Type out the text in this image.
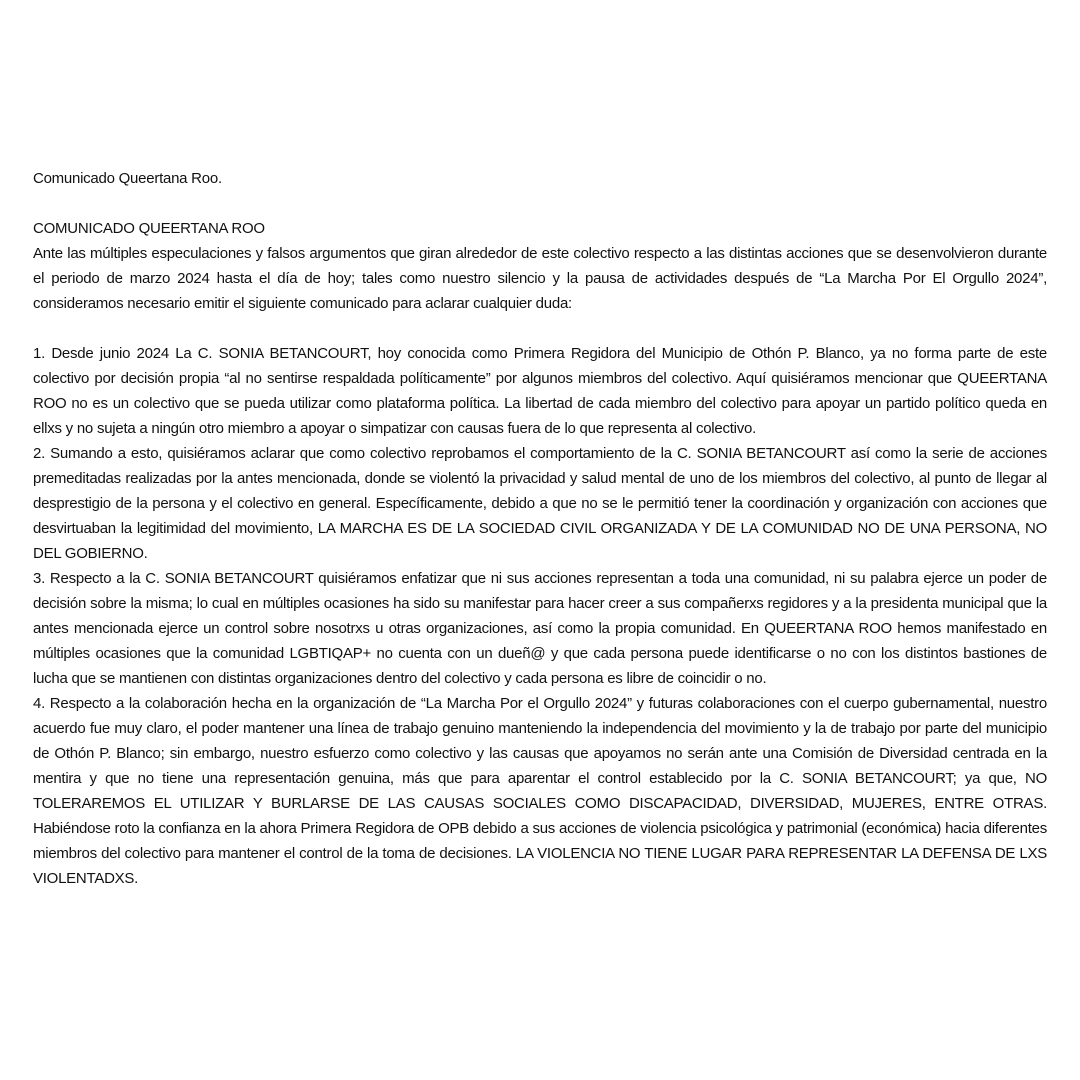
Comunicado Queertana Roo.

COMUNICADO QUEERTANA ROO

Ante las múltiples especulaciones y falsos argumentos que giran alrededor de este colectivo respecto a las distintas acciones que se desenvolvieron durante el periodo de marzo 2024 hasta el día de hoy; tales como nuestro silencio y la pausa de actividades después de “La Marcha Por El Orgullo 2024”, consideramos necesario emitir el siguiente comunicado para aclarar cualquier duda:

1. Desde junio 2024 La C. SONIA BETANCOURT, hoy conocida como Primera Regidora del Municipio de Othón P. Blanco, ya no forma parte de este colectivo por decisión propia “al no sentirse respaldada políticamente” por algunos miembros del colectivo. Aquí quisiéramos mencionar que QUEERTANA ROO no es un colectivo que se pueda utilizar como plataforma política. La libertad de cada miembro del colectivo para apoyar un partido político queda en ellxs y no sujeta a ningún otro miembro a apoyar o simpatizar con causas fuera de lo que representa al colectivo.

2. Sumando a esto, quisiéramos aclarar que como colectivo reprobamos el comportamiento de la C. SONIA BETANCOURT así como la serie de acciones premeditadas realizadas por la antes mencionada, donde se violentó la privacidad y salud mental de uno de los miembros del colectivo, al punto de llegar al desprestigio de la persona y el colectivo en general. Específicamente, debido a que no se le permitió tener la coordinación y organización con acciones que desvirtuaban la legitimidad del movimiento, LA MARCHA ES DE LA SOCIEDAD CIVIL ORGANIZADA Y DE LA COMUNIDAD NO DE UNA PERSONA, NO DEL GOBIERNO.

3. Respecto a la C. SONIA BETANCOURT quisiéramos enfatizar que ni sus acciones representan a toda una comunidad, ni su palabra ejerce un poder de decisión sobre la misma; lo cual en múltiples ocasiones ha sido su manifestar para hacer creer a sus compañerxs regidores y a la presidenta municipal que la antes mencionada ejerce un control sobre nosotrxs u otras organizaciones, así como la propia comunidad. En QUEERTANA ROO hemos manifestado en múltiples ocasiones que la comunidad LGBTIQAP+ no cuenta con un dueñ@ y que cada persona puede identificarse o no con los distintos bastiones de lucha que se mantienen con distintas organizaciones dentro del colectivo y cada persona es libre de coincidir o no.

4. Respecto a la colaboración hecha en la organización de “La Marcha Por el Orgullo 2024” y futuras colaboraciones con el cuerpo gubernamental, nuestro acuerdo fue muy claro, el poder mantener una línea de trabajo genuino manteniendo la independencia del movimiento y la de trabajo por parte del municipio de Othón P. Blanco; sin embargo, nuestro esfuerzo como colectivo y las causas que apoyamos no serán ante una Comisión de Diversidad centrada en la mentira y que no tiene una representación genuina, más que para aparentar el control establecido por la C. SONIA BETANCOURT; ya que, NO TOLERAREMOS EL UTILIZAR Y BURLARSE DE LAS CAUSAS SOCIALES COMO DISCAPACIDAD, DIVERSIDAD, MUJERES, ENTRE OTRAS. Habiéndose roto la confianza en la ahora Primera Regidora de OPB debido a sus acciones de violencia psicológica y patrimonial (económica) hacia diferentes miembros del colectivo para mantener el control de la toma de decisiones. LA VIOLENCIA NO TIENE LUGAR PARA REPRESENTAR LA DEFENSA DE LXS VIOLENTADXS.
